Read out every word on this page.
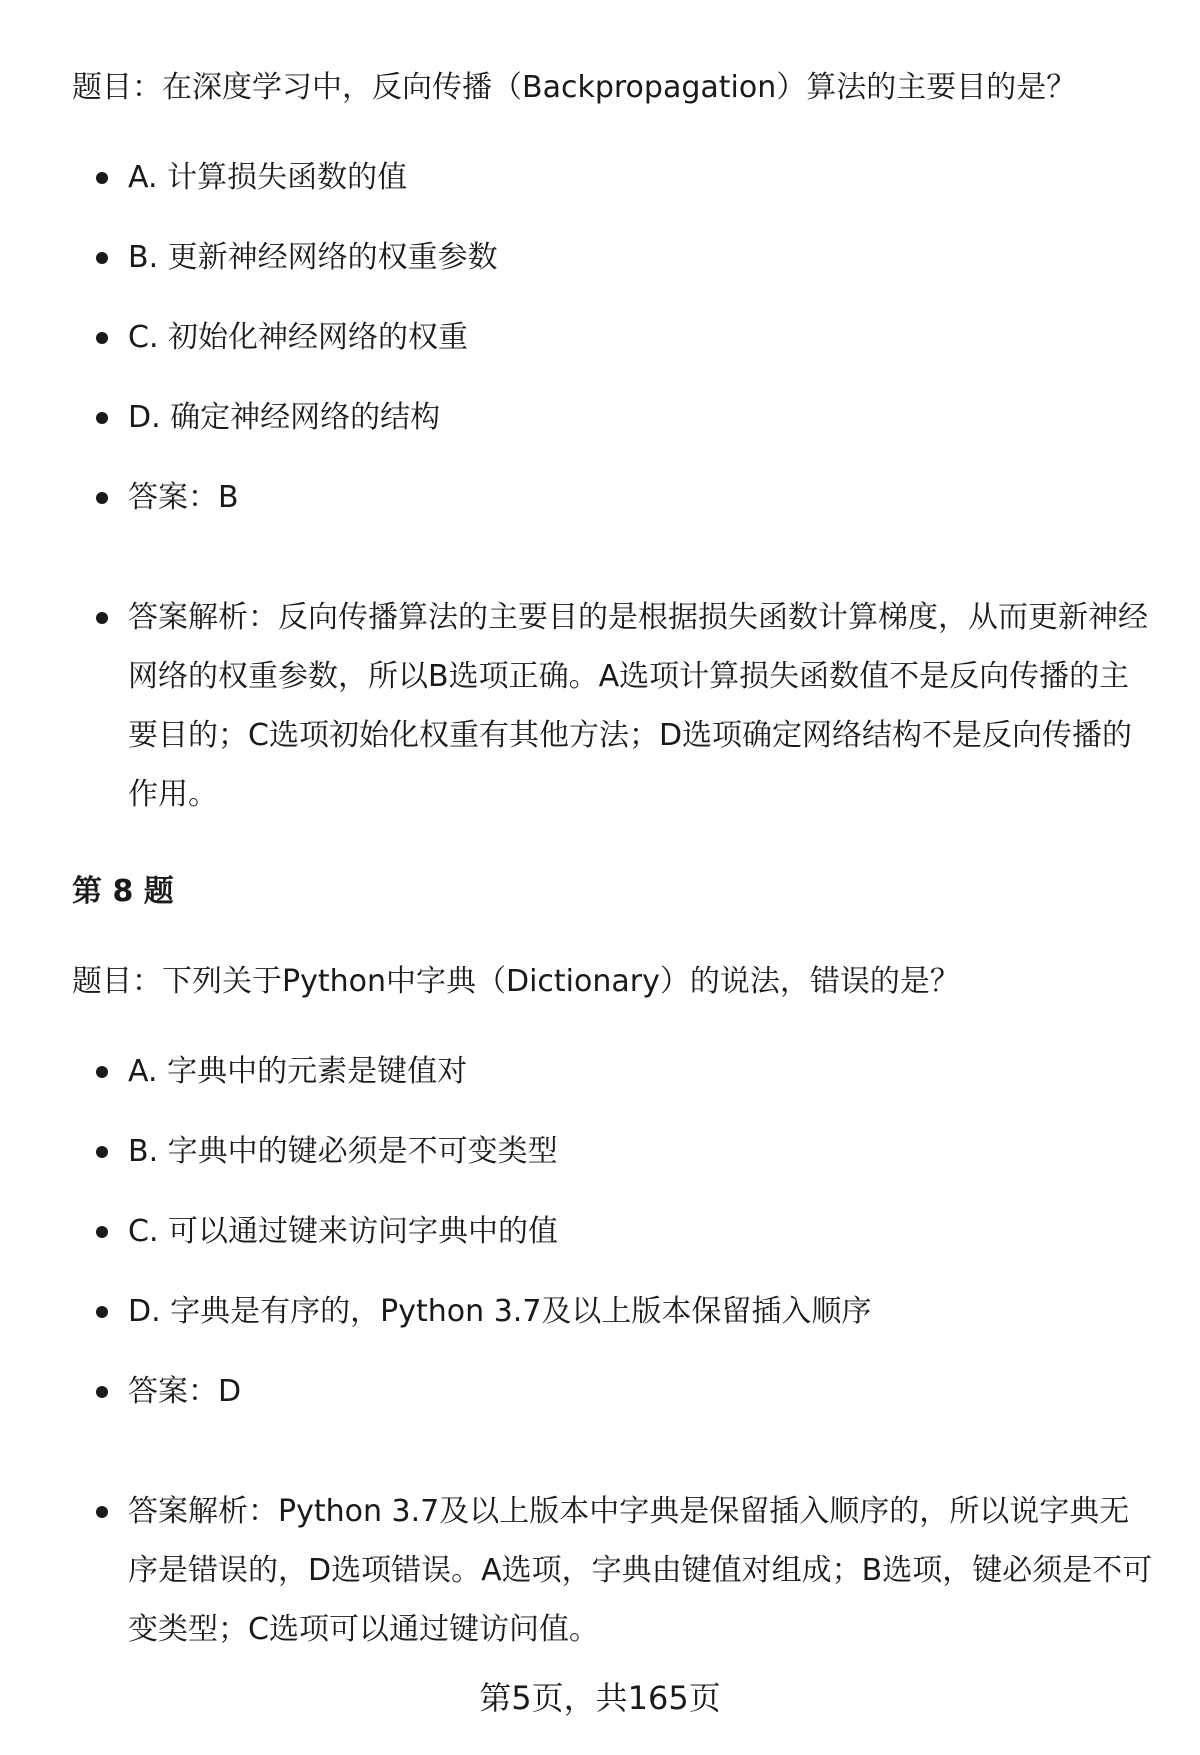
题目：在深度学习中，反向传播（Backpropagation）算法的主要目的是？
A. 计算损失函数的值
B. 更新神经网络的权重参数
C. 初始化神经网络的权重
D. 确定神经网络的结构
答案：B
答案解析：反向传播算法的主要目的是根据损失函数计算梯度，从而更新神经网络的权重参数，所以B选项正确。A选项计算损失函数值不是反向传播的主要目的；C选项初始化权重有其他方法；D选项确定网络结构不是反向传播的作用。
第 8 题
题目：下列关于Python中字典（Dictionary）的说法，错误的是？
A. 字典中的元素是键值对
B. 字典中的键必须是不可变类型
C. 可以通过键来访问字典中的值
D. 字典是有序的，Python 3.7及以上版本保留插入顺序
答案：D
答案解析：Python 3.7及以上版本中字典是保留插入顺序的，所以说字典无序是错误的，D选项错误。A选项，字典由键值对组成；B选项，键必须是不可变类型；C选项可以通过键访问值。
第5页，共165页
